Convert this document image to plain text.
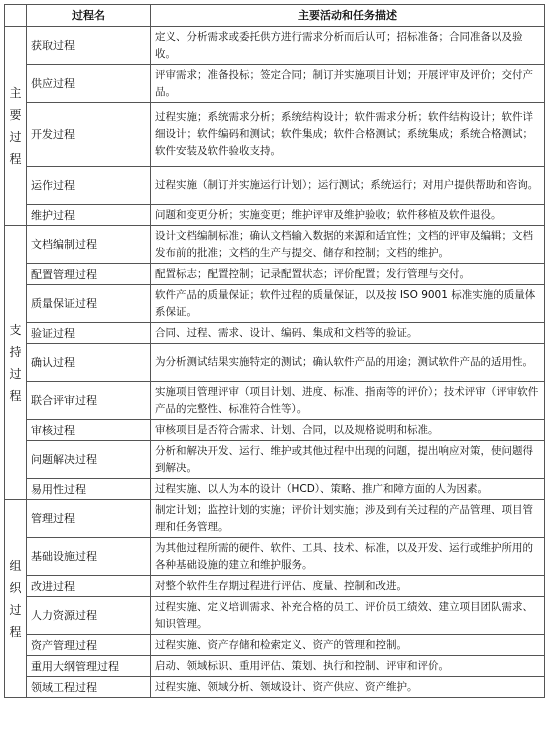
	过程名	主要活动和任务描述

主
要
过
程	获取过程	定义、分析需求或委托供方进行需求分析而后认可；招标准备；合同准备以及验收。
	供应过程	评审需求；准备投标；签定合同；制订并实施项目计划；开展评审及评价；交付产品。
	开发过程	过程实施；系统需求分析；系统结构设计；软件需求分析；软件结构设计；软件详细设计；软件编码和测试；软件集成；软件合格测试；系统集成；系统合格测试；软件安装及软件验收支持。
	运作过程	过程实施（制订并实施运行计划）；运行测试；系统运行；对用户提供帮助和咨询。
	维护过程	问题和变更分析；实施变更；维护评审及维护验收；软件移植及软件退役。

支
持
过
程	文档编制过程	设计文档编制标准；确认文档输入数据的来源和适宜性；文档的评审及编辑；文档发布前的批准；文档的生产与提交、储存和控制；文档的维护。
	配置管理过程	配置标志；配置控制；记录配置状态；评价配置；发行管理与交付。
	质量保证过程	软件产品的质量保证；软件过程的质量保证，以及按 ISO 9001 标准实施的质量体系保证。
	验证过程	合同、过程、需求、设计、编码、集成和文档等的验证。
	确认过程	为分析测试结果实施特定的测试；确认软件产品的用途；测试软件产品的适用性。
	联合评审过程	实施项目管理评审（项目计划、进度、标准、指南等的评价）；技术评审（评审软件产品的完整性、标准符合性等）。
	审核过程	审核项目是否符合需求、计划、合同，以及规格说明和标准。
	问题解决过程	分析和解决开发、运行、维护或其他过程中出现的问题，提出响应对策，使问题得到解决。
	易用性过程	过程实施、以人为本的设计（HCD）、策略、推广和障方面的人为因素。

组
织
过
程	管理过程	制定计划；监控计划的实施；评价计划实施；涉及到有关过程的产品管理、项目管理和任务管理。
	基础设施过程	为其他过程所需的硬件、软件、工具、技术、标准，以及开发、运行或维护所用的各种基础设施的建立和维护服务。
	改进过程	对整个软件生存期过程进行评估、度量、控制和改进。
	人力资源过程	过程实施、定义培训需求、补充合格的员工、评价员工绩效、建立项目团队需求、知识管理。
	资产管理过程	过程实施、资产存储和检索定义、资产的管理和控制。
	重用大纲管理过程	启动、领域标识、重用评估、策划、执行和控制、评审和评价。
	领域工程过程	过程实施、领域分析、领域设计、资产供应、资产维护。
